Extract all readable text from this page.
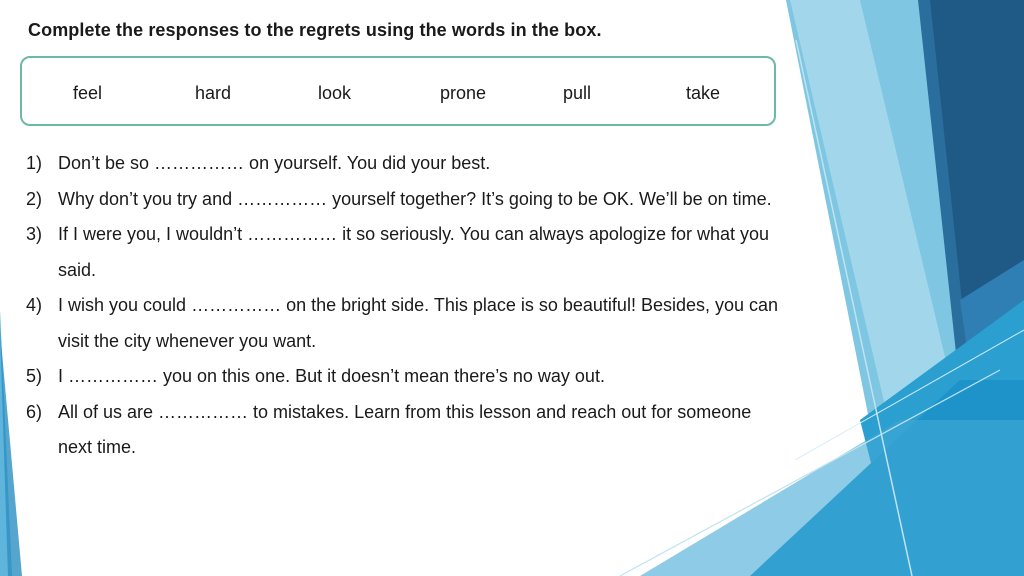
Complete the responses to the regrets using the words in the box.
feel	hard	look	prone	pull	take
1) Don’t be so …………… on yourself. You did your best.
2) Why don’t you try and …………… yourself together? It’s going to be OK. We’ll be on time.
3) If I were you, I wouldn’t …………… it so seriously. You can always apologize for what you said.
4) I wish you could …………… on the bright side. This place is so beautiful! Besides, you can visit the city whenever you want.
5) I …………… you on this one. But it doesn’t mean there’s no way out.
6) All of us are …………… to mistakes. Learn from this lesson and reach out for someone next time.
